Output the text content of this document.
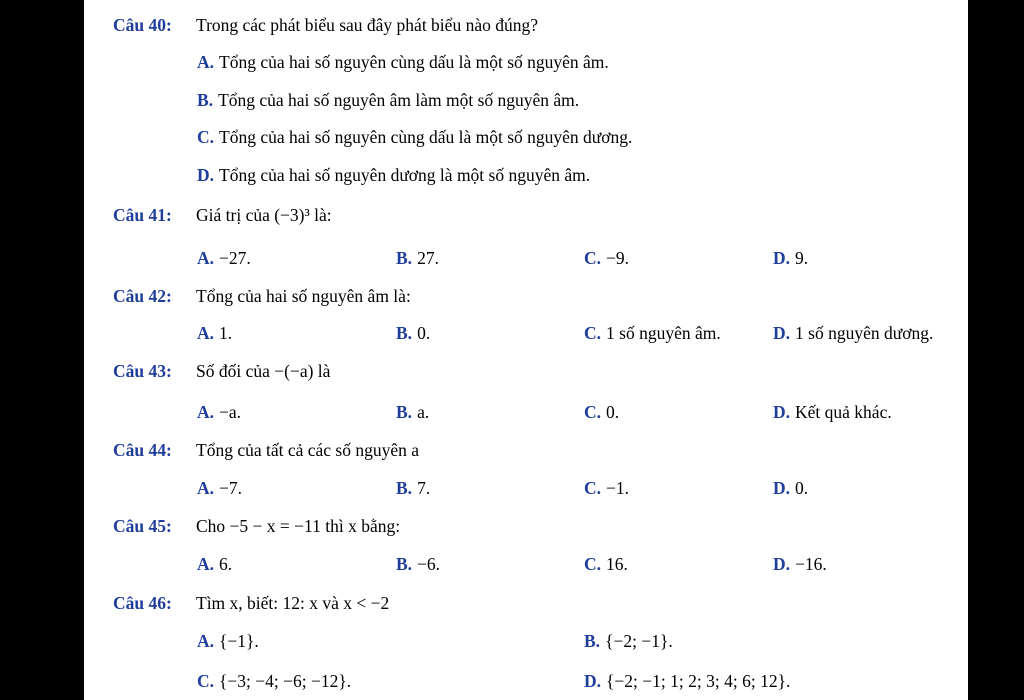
Câu 40: Trong các phát biểu sau đây phát biểu nào đúng?
A. Tổng của hai số nguyên cùng dấu là một số nguyên âm.
B. Tổng của hai số nguyên âm làm một số nguyên âm.
C. Tổng của hai số nguyên cùng dấu là một số nguyên dương.
D. Tổng của hai số nguyên dương là một số nguyên âm.
Câu 41: Giá trị của (−3)³ là:
A. −27.	B. 27.	C. −9.	D. 9.
Câu 42: Tổng của hai số nguyên âm là:
A. 1.	B. 0.	C. 1 số nguyên âm.	D. 1 số nguyên dương.
Câu 43: Số đối của −(−a) là
A. −a.	B. a.	C. 0.	D. Kết quả khác.
Câu 44: Tổng của tất cả các số nguyên a
A. −7.	B. 7.	C. −1.	D. 0.
Câu 45: Cho −5 − x = −11 thì x bằng:
A. 6.	B. −6.	C. 16.	D. −16.
Câu 46: Tìm x, biết: 12: x và x < −2
A. {−1}.	B. {−2; −1}.
C. {−3; −4; −6; −12}.	D. {−2; −1; 1; 2; 3; 4; 6; 12}.
